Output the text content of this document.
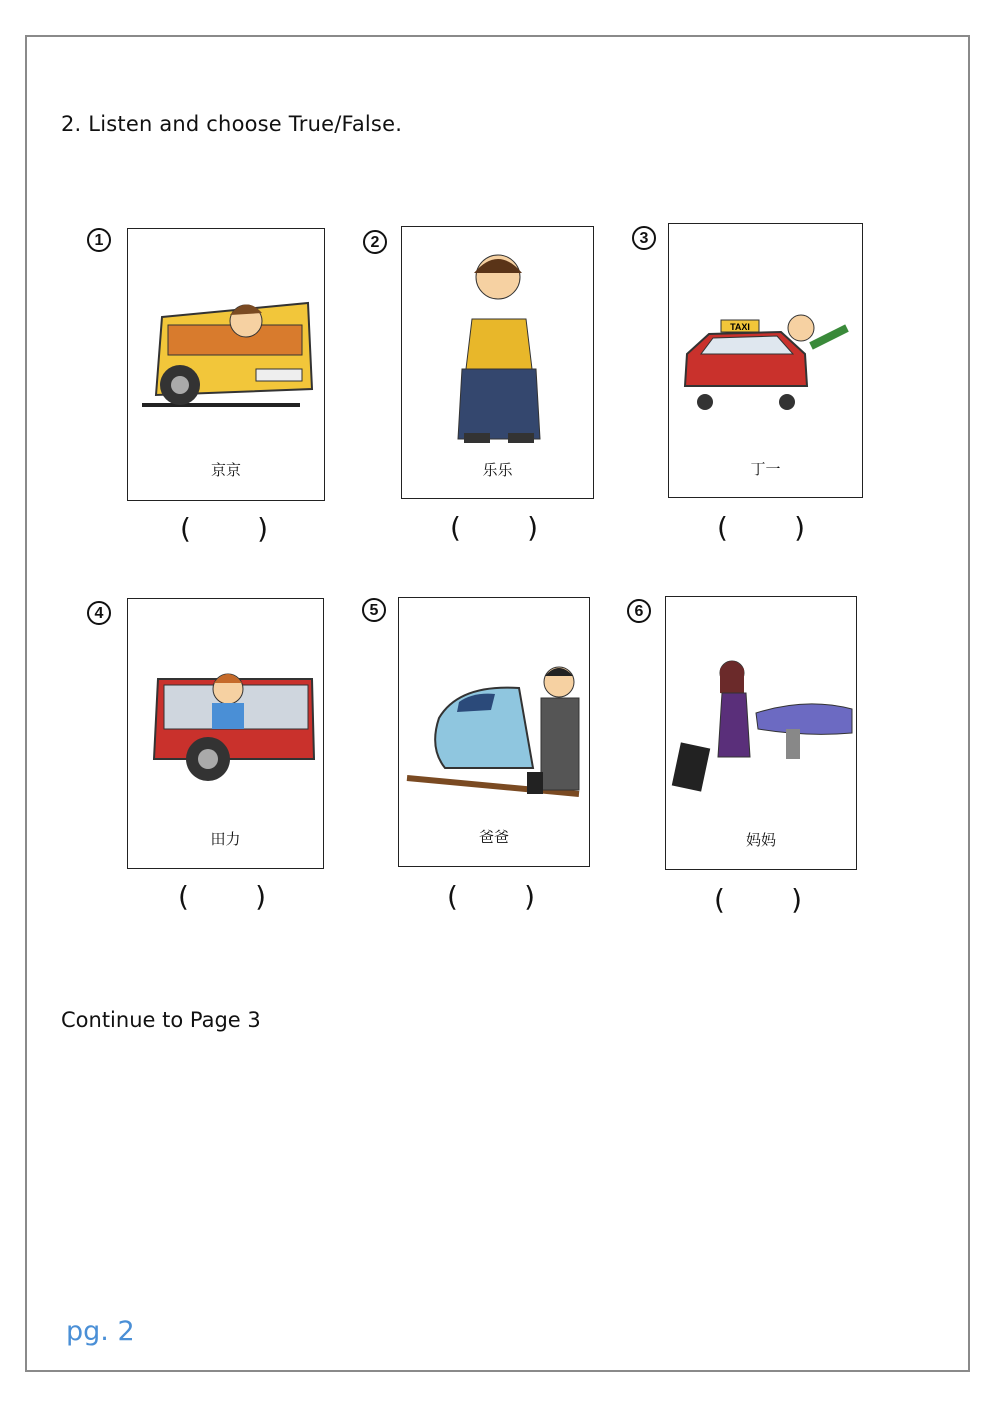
2. Listen and choose True/False.
1
京京
( )
2
乐乐
( )
3
TAXI
丁一
( )
4
田力
( )
5
爸爸
( )
6
妈妈
( )
Continue to Page 3
pg. 2
